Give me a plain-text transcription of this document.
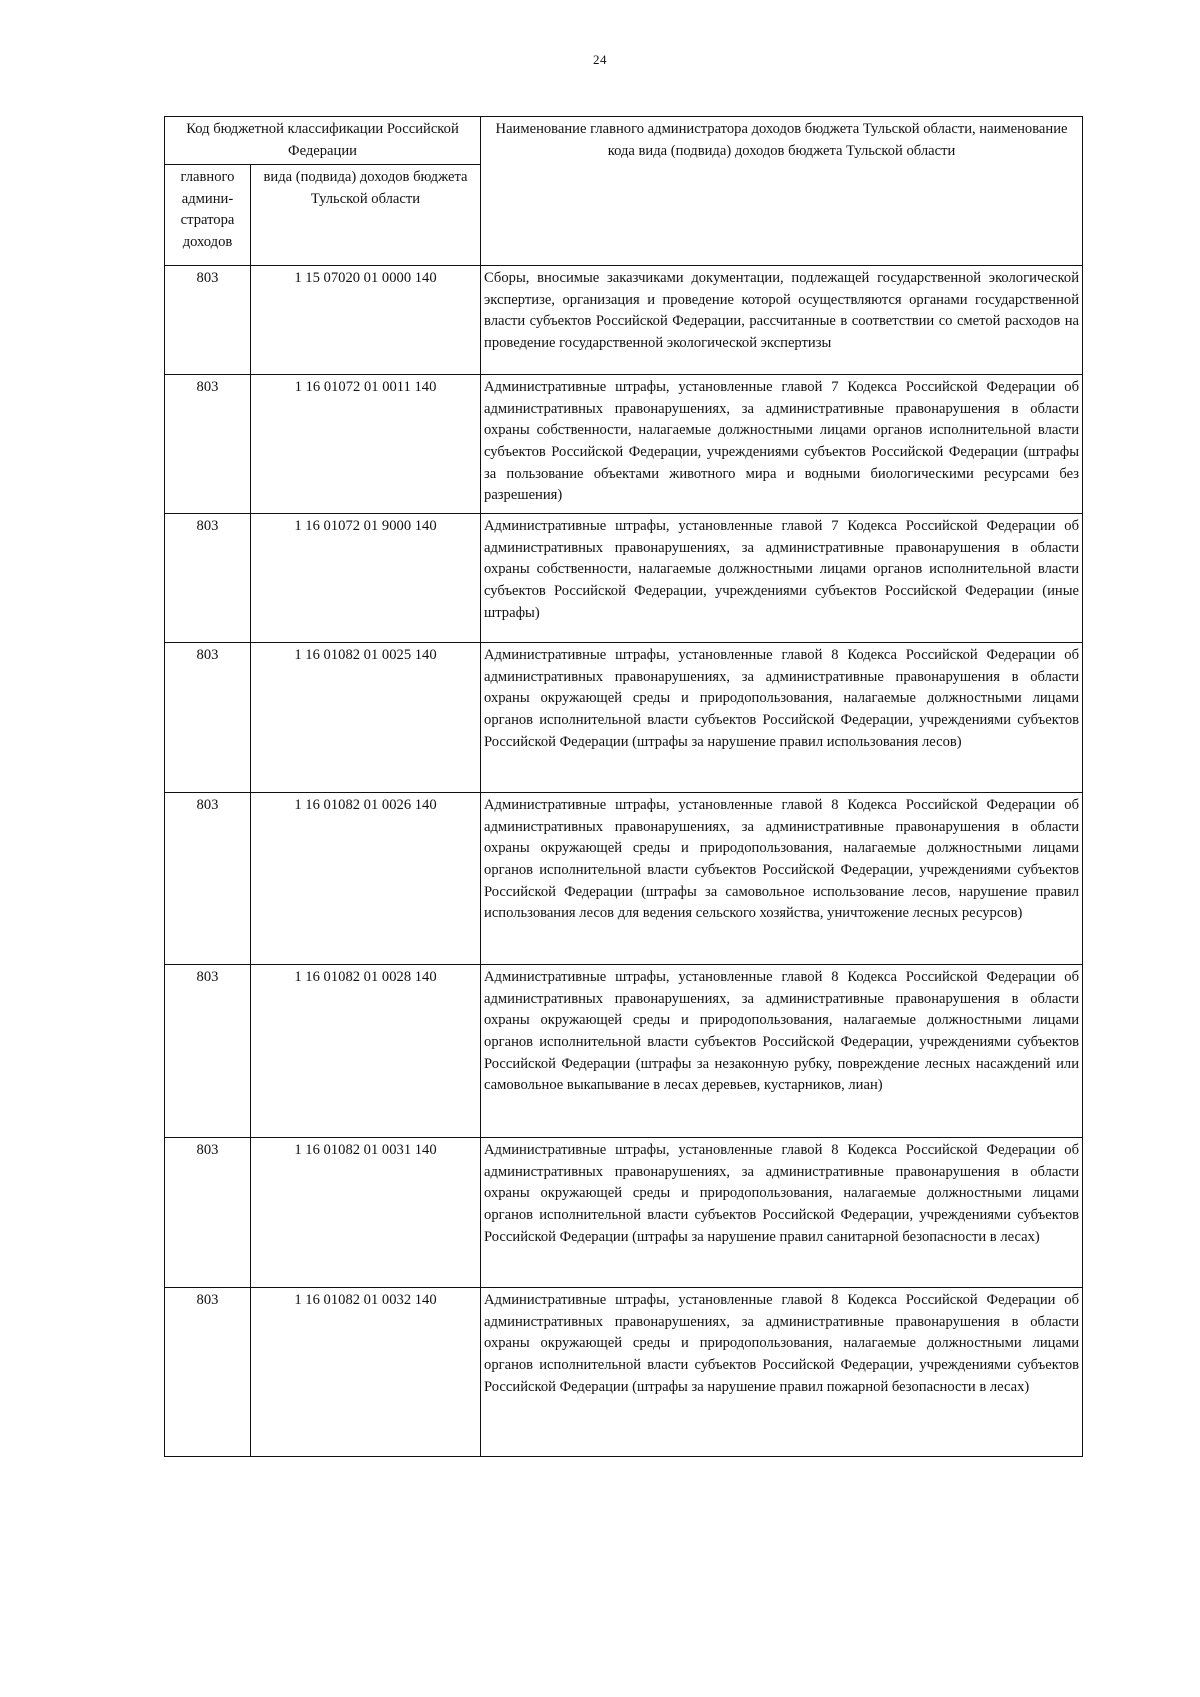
24
Код бюджетной классификации Российской Федерации		Наименование главного администратора доходов бюджета Тульской области, наименование кода вида (подвида) доходов бюджета Тульской области
главного админи-стратора доходов	вида (подвида) доходов бюджета Тульской области	
803	1 15 07020 01 0000 140	Сборы, вносимые заказчиками документации, подлежащей государственной экологической экспертизе, организация и проведение которой осуществляются органами государственной власти субъектов Российской Федерации, рассчитанные в соответствии со сметой расходов на проведение государственной экологической экспертизы
803	1 16 01072 01 0011 140	Административные штрафы, установленные главой 7 Кодекса Российской Федерации об административных правонарушениях, за административные правонарушения в области охраны собственности, налагаемые должностными лицами органов исполнительной власти субъектов Российской Федерации, учреждениями субъектов Российской Федерации (штрафы за пользование объектами животного мира и водными биологическими ресурсами без разрешения)
803	1 16 01072 01 9000 140	Административные штрафы, установленные главой 7 Кодекса Российской Федерации об административных правонарушениях, за административные правонарушения в области охраны собственности, налагаемые должностными лицами органов исполнительной власти субъектов Российской Федерации, учреждениями субъектов Российской Федерации (иные штрафы)
803	1 16 01082 01 0025 140	Административные штрафы, установленные главой 8 Кодекса Российской Федерации об административных правонарушениях, за административные правонарушения в области охраны окружающей среды и природопользования, налагаемые должностными лицами органов исполнительной власти субъектов Российской Федерации, учреждениями субъектов Российской Федерации (штрафы за нарушение правил использования лесов)
803	1 16 01082 01 0026 140	Административные штрафы, установленные главой 8 Кодекса Российской Федерации об административных правонарушениях, за административные правонарушения в области охраны окружающей среды и природопользования, налагаемые должностными лицами органов исполнительной власти субъектов Российской Федерации, учреждениями субъектов Российской Федерации (штрафы за самовольное использование лесов, нарушение правил использования лесов для ведения сельского хозяйства, уничтожение лесных ресурсов)
803	1 16 01082 01 0028 140	Административные штрафы, установленные главой 8 Кодекса Российской Федерации об административных правонарушениях, за административные правонарушения в области охраны окружающей среды и природопользования, налагаемые должностными лицами органов исполнительной власти субъектов Российской Федерации, учреждениями субъектов Российской Федерации (штрафы за незаконную рубку, повреждение лесных насаждений или самовольное выкапывание в лесах деревьев, кустарников, лиан)
803	1 16 01082 01 0031 140	Административные штрафы, установленные главой 8 Кодекса Российской Федерации об административных правонарушениях, за административные правонарушения в области охраны окружающей среды и природопользования, налагаемые должностными лицами органов исполнительной власти субъектов Российской Федерации, учреждениями субъектов Российской Федерации (штрафы за нарушение правил санитарной безопасности в лесах)
803	1 16 01082 01 0032 140	Административные штрафы, установленные главой 8 Кодекса Российской Федерации об административных правонарушениях, за административные правонарушения в области охраны окружающей среды и природопользования, налагаемые должностными лицами органов исполнительной власти субъектов Российской Федерации, учреждениями субъектов Российской Федерации (штрафы за нарушение правил пожарной безопасности в лесах)
